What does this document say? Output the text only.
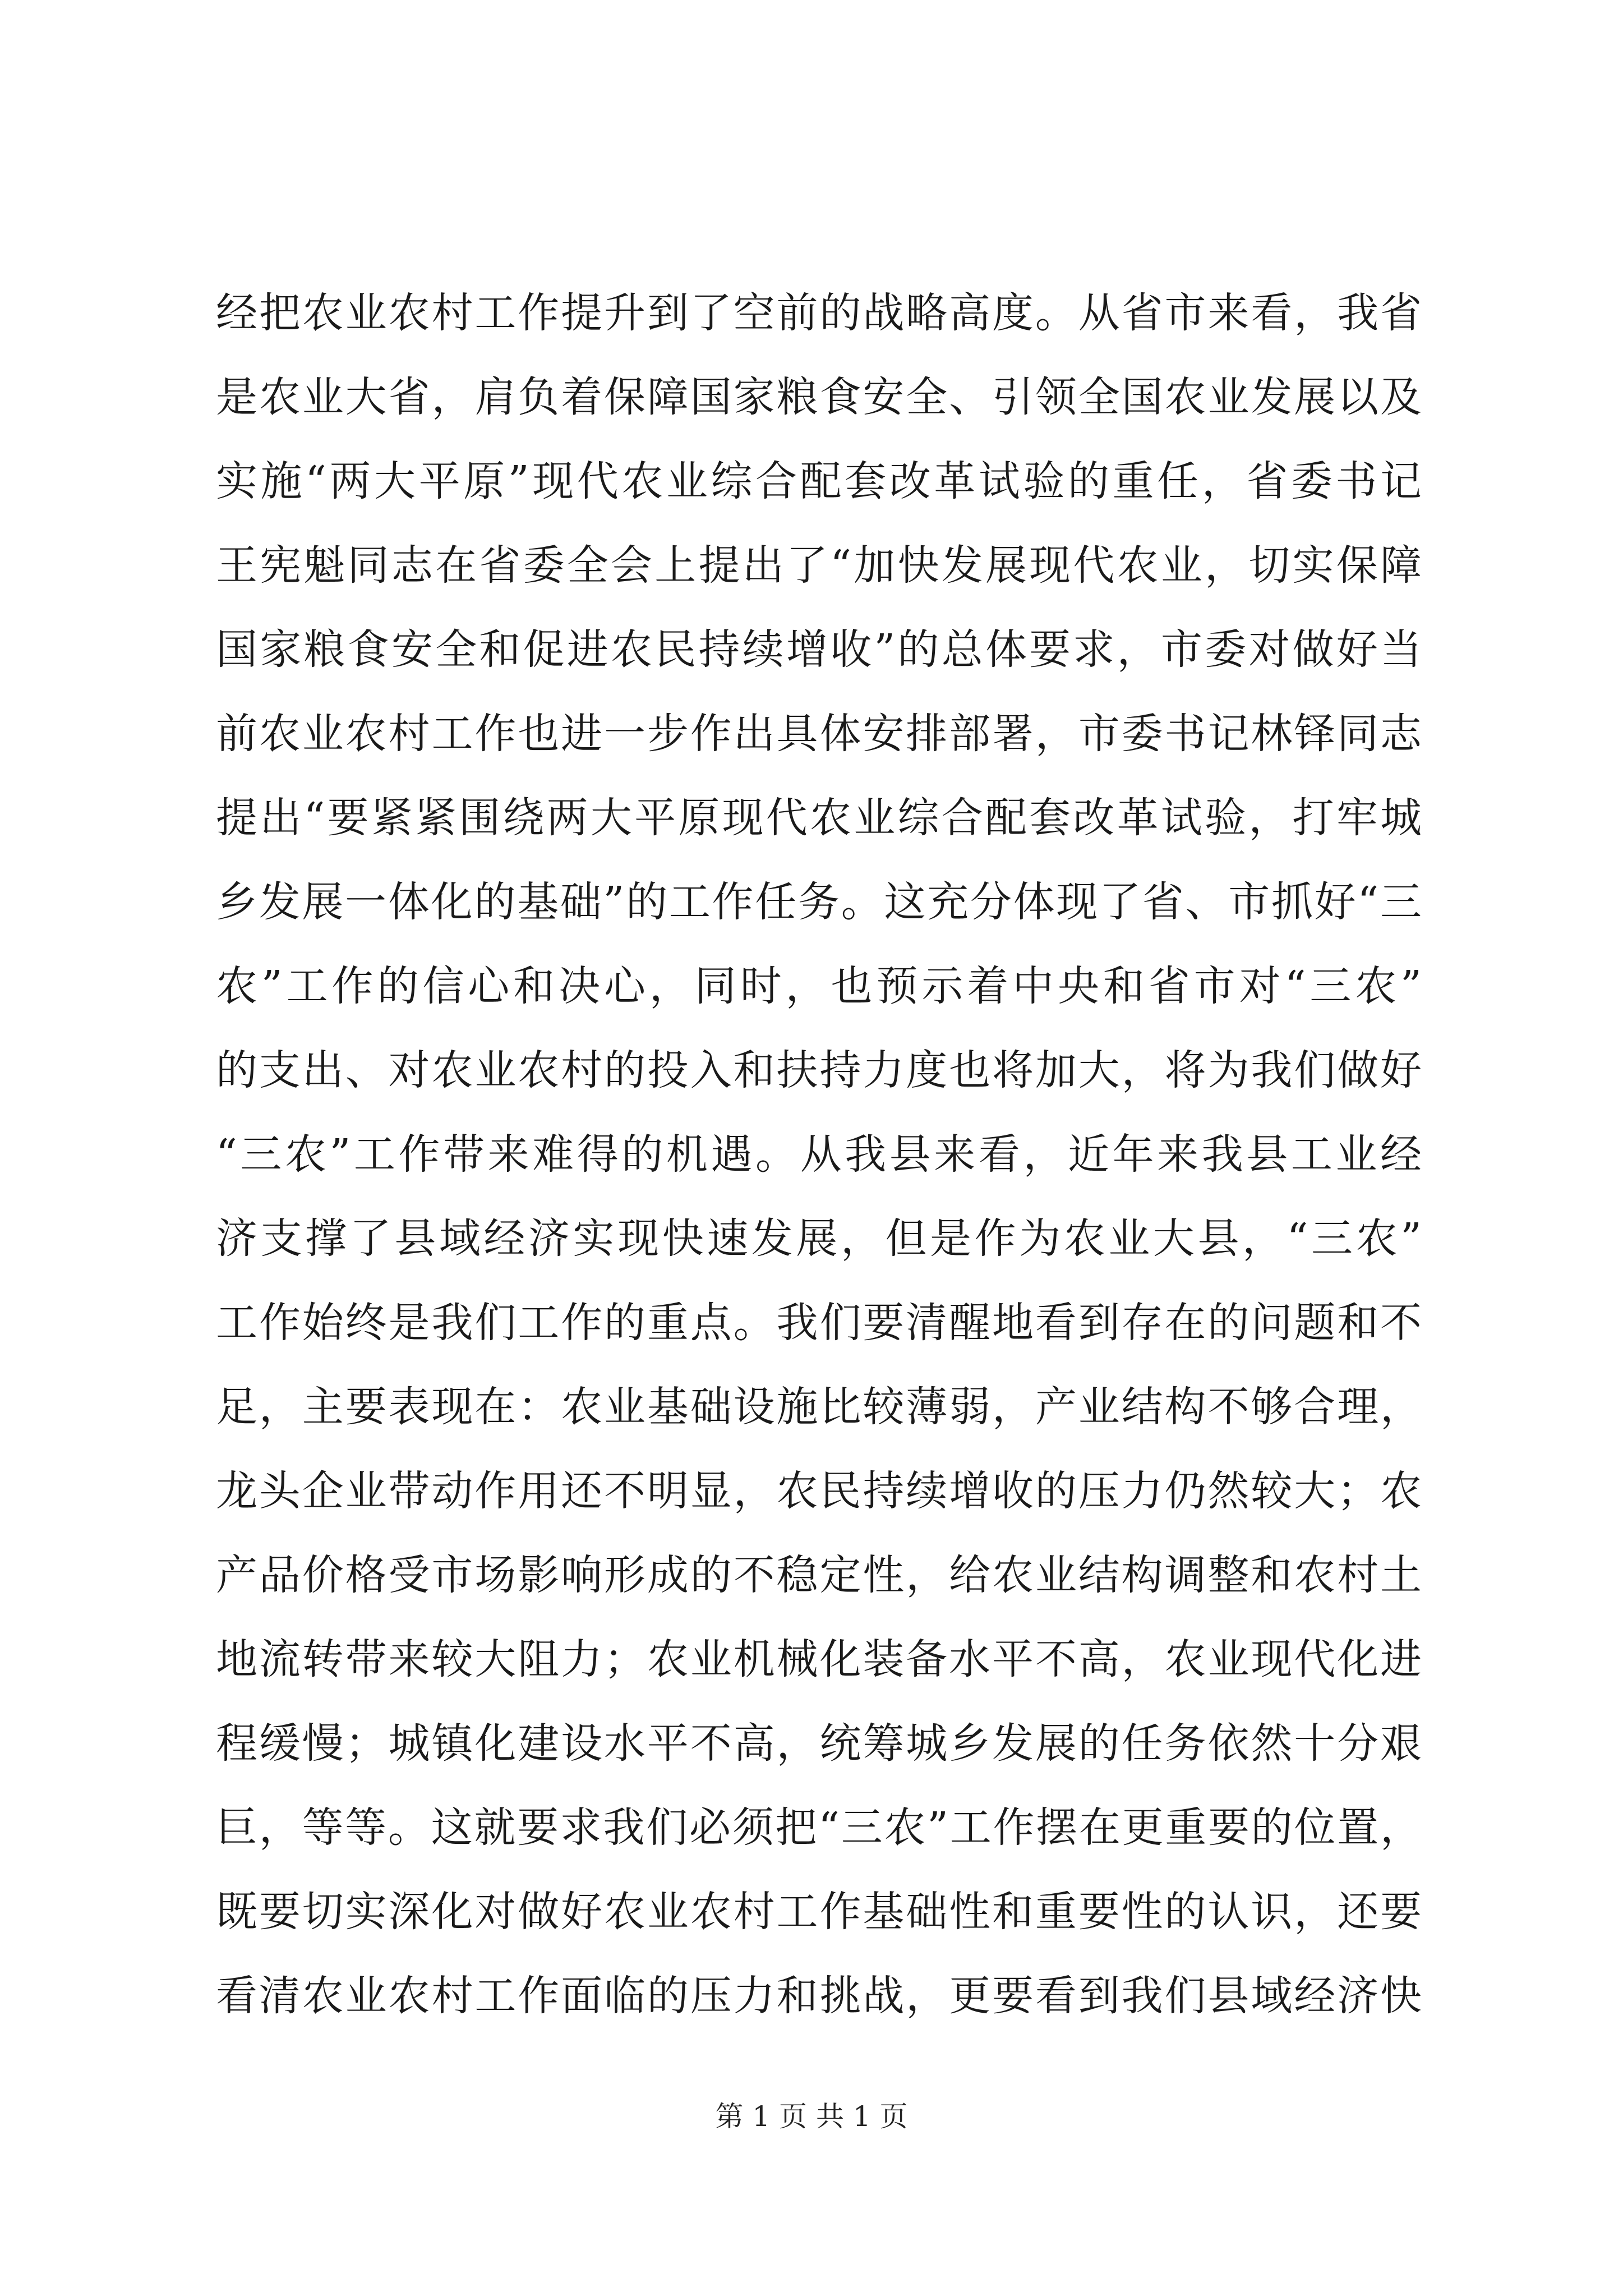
经把农业农村工作提升到了空前的战略高度。从省市来看，我省
是农业大省，肩负着保障国家粮食安全、引领全国农业发展以及
实施“两大平原”现代农业综合配套改革试验的重任，省委书记
王宪魁同志在省委全会上提出了“加快发展现代农业，切实保障
国家粮食安全和促进农民持续增收”的总体要求，市委对做好当
前农业农村工作也进一步作出具体安排部署，市委书记林铎同志
提出“要紧紧围绕两大平原现代农业综合配套改革试验，打牢城
乡发展一体化的基础”的工作任务。这充分体现了省、市抓好“三
农”工作的信心和决心，同时，也预示着中央和省市对“三农”
的支出、对农业农村的投入和扶持力度也将加大，将为我们做好
“三农”工作带来难得的机遇。从我县来看，近年来我县工业经
济支撑了县域经济实现快速发展，但是作为农业大县，“三农”
工作始终是我们工作的重点。我们要清醒地看到存在的问题和不
足，主要表现在：农业基础设施比较薄弱，产业结构不够合理，
龙头企业带动作用还不明显，农民持续增收的压力仍然较大；农
产品价格受市场影响形成的不稳定性，给农业结构调整和农村土
地流转带来较大阻力；农业机械化装备水平不高，农业现代化进
程缓慢；城镇化建设水平不高，统筹城乡发展的任务依然十分艰
巨，等等。这就要求我们必须把“三农”工作摆在更重要的位置，
既要切实深化对做好农业农村工作基础性和重要性的认识，还要
看清农业农村工作面临的压力和挑战，更要看到我们县域经济快
第 1 页 共 1 页
